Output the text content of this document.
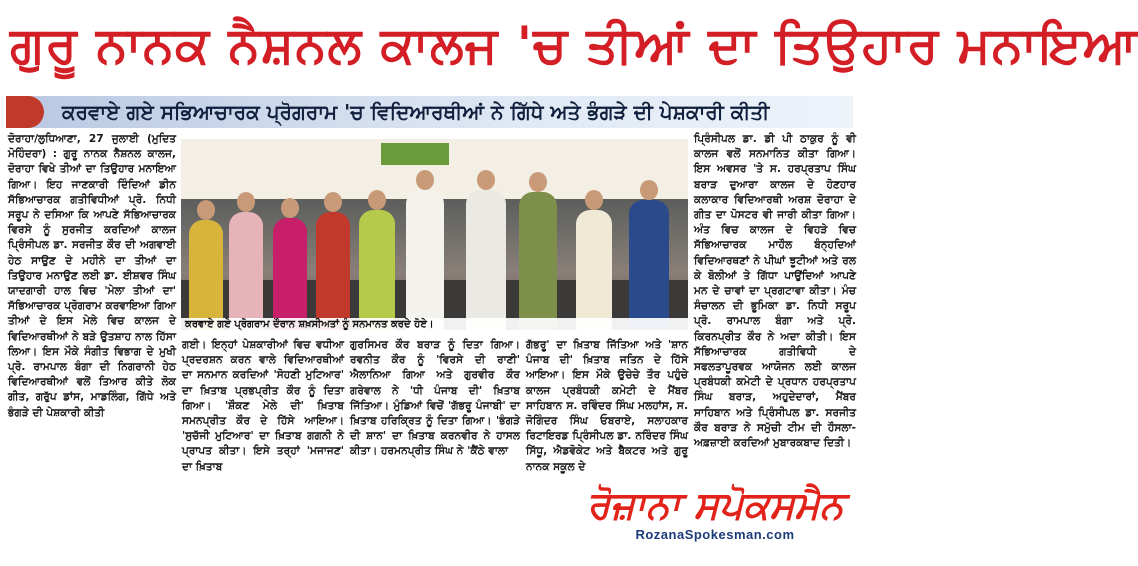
ਗੁਰੂ ਨਾਨਕ ਨੈਸ਼ਨਲ ਕਾਲਜ 'ਚ ਤੀਆਂ ਦਾ ਤਿਉਹਾਰ ਮਨਾਇਆ
ਕਰਵਾਏ ਗਏ ਸਭਿਆਚਾਰਕ ਪ੍ਰੋਗਰਾਮ 'ਚ ਵਿਦਿਆਰਥੀਆਂ ਨੇ ਗਿੱਧੇ ਅਤੇ ਭੰਗੜੇ ਦੀ ਪੇਸ਼ਕਾਰੀ ਕੀਤੀ

ਦੋਰਾਹਾ/ਲੁਧਿਆਣਾ, 27 ਜੁਲਾਈ (ਮੁਦਿਤ ਮੋਹਿੰਦਰਾ) : ਗੁਰੂ ਨਾਨਕ ਨੈਸ਼ਨਲ ਕਾਲਜ, ਦੋਰਾਹਾ ਵਿਖੇ ਤੀਆਂ ਦਾ ਤਿਉਹਾਰ ਮਨਾਇਆ ਗਿਆ। ਇਹ ਜਾਣਕਾਰੀ ਦਿੰਦਿਆਂ ਡੀਨ ਸੱਭਿਆਚਾਰਕ ਗਤੀਵਿਧੀਆਂ ਪ੍ਰੋ. ਨਿਧੀ ਸਰੂਪ ਨੇ ਦਸਿਆ ਕਿ ਆਪਣੇ ਸੱਭਿਆਚਾਰਕ ਵਿਰਸੇ ਨੂੰ ਸੁਰਜੀਤ ਕਰਦਿਆਂ ਕਾਲਜ ਪ੍ਰਿੰਸੀਪਲ ਡਾ. ਸਰਜੀਤ ਕੌਰ ਦੀ ਅਗਵਾਈ ਹੇਠ ਸਾਉਣ ਦੇ ਮਹੀਨੇ ਦਾ ਤੀਆਂ ਦਾ ਤਿਉਹਾਰ ਮਨਾਉਣ ਲਈ ਡਾ. ਈਸ਼ਵਰ ਸਿੰਘ ਯਾਦਗਾਰੀ ਹਾਲ ਵਿਚ 'ਮੇਲਾ ਤੀਆਂ ਦਾ' ਸੱਭਿਆਚਾਰਕ ਪ੍ਰੋਗਰਾਮ ਕਰਵਾਇਆ ਗਿਆ ਤੀਆਂ ਦੇ ਇਸ ਮੇਲੇ ਵਿਚ ਕਾਲਜ ਦੇ ਵਿਦਿਆਰਥੀਆਂ ਨੇ ਬੜੇ ਉਤਸ਼ਾਹ ਨਾਲ ਹਿੱਸਾ ਲਿਆ। ਇਸ ਮੌਕੇ ਸੰਗੀਤ ਵਿਭਾਗ ਦੇ ਮੁਖੀ ਪ੍ਰੋ. ਰਾਮਪਾਲ ਬੰਗਾ ਦੀ ਨਿਗਰਾਨੀ ਹੇਠ ਵਿਦਿਆਰਥੀਆਂ ਵਲੋਂ ਤਿਆਰ ਕੀਤੇ ਲੋਕ ਗੀਤ, ਗਰੁੱਪ ਡਾਂਸ, ਮਾਡਲਿੰਗ, ਗਿੱਧੇ ਅਤੇ ਭੰਗੜੇ ਦੀ ਪੇਸ਼ਕਾਰੀ ਕੀਤੀ

ਕਰਵਾਏ ਗਏ ਪ੍ਰੋਗਰਾਮ ਦੌਰਾਨ ਸ਼ਖ਼ਸੀਅਤਾਂ ਨੂੰ ਸਨਮਾਨਤ ਕਰਦੇ ਹੋਏ।

ਗਈ। ਇਨ੍ਹਾਂ ਪੇਸ਼ਕਾਰੀਆਂ ਵਿਚ ਵਧੀਆ ਪ੍ਰਦਰਸ਼ਨ ਕਰਨ ਵਾਲੇ ਵਿਦਿਆਰਥੀਆਂ ਦਾ ਸਨਮਾਨ ਕਰਦਿਆਂ 'ਸੋਹਣੀ ਮੁਟਿਆਰ' ਦਾ ਖ਼ਿਤਾਬ ਪ੍ਰਭਪ੍ਰੀਤ ਕੌਰ ਨੂੰ ਦਿਤਾ ਗਿਆ। 'ਸ਼ੌਕਣ ਮੇਲੇ ਦੀ' ਖ਼ਿਤਾਬ ਸਮਨਪ੍ਰੀਤ ਕੌਰ ਦੇ ਹਿੱਸੇ ਆਇਆ। 'ਸੁਚੱਜੀ ਮੁਟਿਆਰ' ਦਾ ਖ਼ਿਤਾਬ ਗਗਨੀ ਨੇ ਪ੍ਰਾਪਤ ਕੀਤਾ। ਇਸੇ ਤਰ੍ਹਾਂ 'ਮਜਾਜਣ' ਦਾ ਖ਼ਿਤਾਬ

ਗੁਰਸਿਮਰ ਕੌਰ ਬਰਾੜ ਨੂੰ ਦਿਤਾ ਗਿਆ। ਰਵਨੀਤ ਕੌਰ ਨੂੰ 'ਵਿਰਸੇ ਦੀ ਰਾਣੀ' ਐਲਾਨਿਆ ਗਿਆ ਅਤੇ ਗੁਰਵੀਰ ਕੌਰ ਗਰੇਵਾਲ ਨੇ 'ਧੀ ਪੰਜਾਬ ਦੀ' ਖ਼ਿਤਾਬ ਜਿੱਤਿਆ। ਮੁੰਡਿਆਂ ਵਿਚੋਂ 'ਗੱਭਰੂ ਪੰਜਾਬੀ' ਦਾ ਖ਼ਿਤਾਬ ਹਰਿਕ੍ਰਿਤ ਨੂੰ ਦਿਤਾ ਗਿਆ। 'ਭੰਗੜੇ ਦੀ ਸ਼ਾਨ' ਦਾ ਖ਼ਿਤਾਬ ਕਰਨਵੀਰ ਨੇ ਹਾਸਲ ਕੀਤਾ। ਹਰਮਨਪ੍ਰੀਤ ਸਿੰਘ ਨੇ 'ਕੈਂਠੇ ਵਾਲਾ

ਗੱਭਰੂ' ਦਾ ਖ਼ਿਤਾਬ ਜਿੱਤਿਆ ਅਤੇ 'ਸ਼ਾਨ ਪੰਜਾਬ ਦੀ' ਖ਼ਿਤਾਬ ਜਤਿਨ ਦੇ ਹਿੱਸੇ ਆਇਆ। ਇਸ ਮੌਕੇ ਉਚੇਚੇ ਤੌਰ ਪਹੁੰਚੇ ਕਾਲਜ ਪ੍ਰਬੰਧਕੀ ਕਮੇਟੀ ਦੇ ਮੈਂਬਰ ਸਾਹਿਬਾਨ ਸ. ਰਵਿੰਦਰ ਸਿੰਘ ਮਲਹਾਂਸ, ਸ. ਜੋਗਿੰਦਰ ਸਿੰਘ ਓਬਰਾਏ, ਸਲਾਹਕਾਰ ਰਿਟਾਇਰਡ ਪ੍ਰਿੰਸੀਪਲ ਡਾ. ਨਰਿੰਦਰ ਸਿੰਘ ਸਿੱਧੂ, ਐਡਵੋਕੇਟ ਅਤੇ ਬੈਕਟਰ ਅਤੇ ਗੁਰੂ ਨਾਨਕ ਸਕੂਲ ਦੇ

ਪ੍ਰਿੰਸੀਪਲ ਡਾ. ਡੀ ਪੀ ਠਾਕੁਰ ਨੂੰ ਵੀ ਕਾਲਜ ਵਲੋਂ ਸਨਮਾਨਿਤ ਕੀਤਾ ਗਿਆ। ਇਸ ਅਵਸਰ 'ਤੇ ਸ. ਹਰਪ੍ਰਤਾਪ ਸਿੰਘ ਬਰਾੜ ਦੁਆਰਾ ਕਾਲਜ ਦੇ ਹੋਣਹਾਰ ਕਲਾਕਾਰ ਵਿਦਿਆਰਥੀ ਅਰਸ਼ ਦੋਰਾਹਾ ਦੇ ਗੀਤ ਦਾ ਪੋਸਟਰ ਵੀ ਜਾਰੀ ਕੀਤਾ ਗਿਆ। ਅੰਤ ਵਿਚ ਕਾਲਜ ਦੇ ਵਿਹੜੇ ਵਿਚ ਸੱਭਿਆਚਾਰਕ ਮਾਹੌਲ ਬੰਨ੍ਹਦਿਆਂ ਵਿਦਿਆਰਥਣਾਂ ਨੇ ਪੀਘਾਂ ਝੂਟੀਆਂ ਅਤੇ ਰਲ ਕੇ ਬੋਲੀਆਂ ਤੇ ਗਿੱਧਾ ਪਾਉਂਦਿਆਂ ਆਪਣੇ ਮਨ ਦੇ ਚਾਵਾਂ ਦਾ ਪ੍ਰਗਟਾਵਾ ਕੀਤਾ। ਮੰਚ ਸੰਚਾਲਨ ਦੀ ਭੂਮਿਕਾ ਡਾ. ਨਿਧੀ ਸਰੂਪ ਪ੍ਰੋ. ਰਾਮਪਾਲ ਬੰਗਾ ਅਤੇ ਪ੍ਰੋ. ਕਿਰਨਪ੍ਰੀਤ ਕੌਰ ਨੇ ਅਦਾ ਕੀਤੀ। ਇਸ ਸੱਭਿਆਚਾਰਕ ਗਤੀਵਿਧੀ ਦੇ ਸਫਲਤਾਪੂਰਵਕ ਆਯੋਜਨ ਲਈ ਕਾਲਜ ਪ੍ਰਬੰਧਕੀ ਕਮੇਟੀ ਦੇ ਪ੍ਰਧਾਨ ਹਰਪ੍ਰਤਾਪ ਸਿੰਘ ਬਰਾੜ, ਅਹੁਦੇਦਾਰਾਂ, ਮੈਂਬਰ ਸਾਹਿਬਾਨ ਅਤੇ ਪ੍ਰਿੰਸੀਪਲ ਡਾ. ਸਰਜੀਤ ਕੌਰ ਬਰਾੜ ਨੇ ਸਮੁੱਚੀ ਟੀਮ ਦੀ ਹੌਸਲਾ-ਅਫ਼ਜ਼ਾਈ ਕਰਦਿਆਂ ਮੁਬਾਰਕਬਾਦ ਦਿਤੀ।

ਰੋਜ਼ਾਨਾ ਸਪੋਕਸਮੈਨ
RozanaSpokesman.com
